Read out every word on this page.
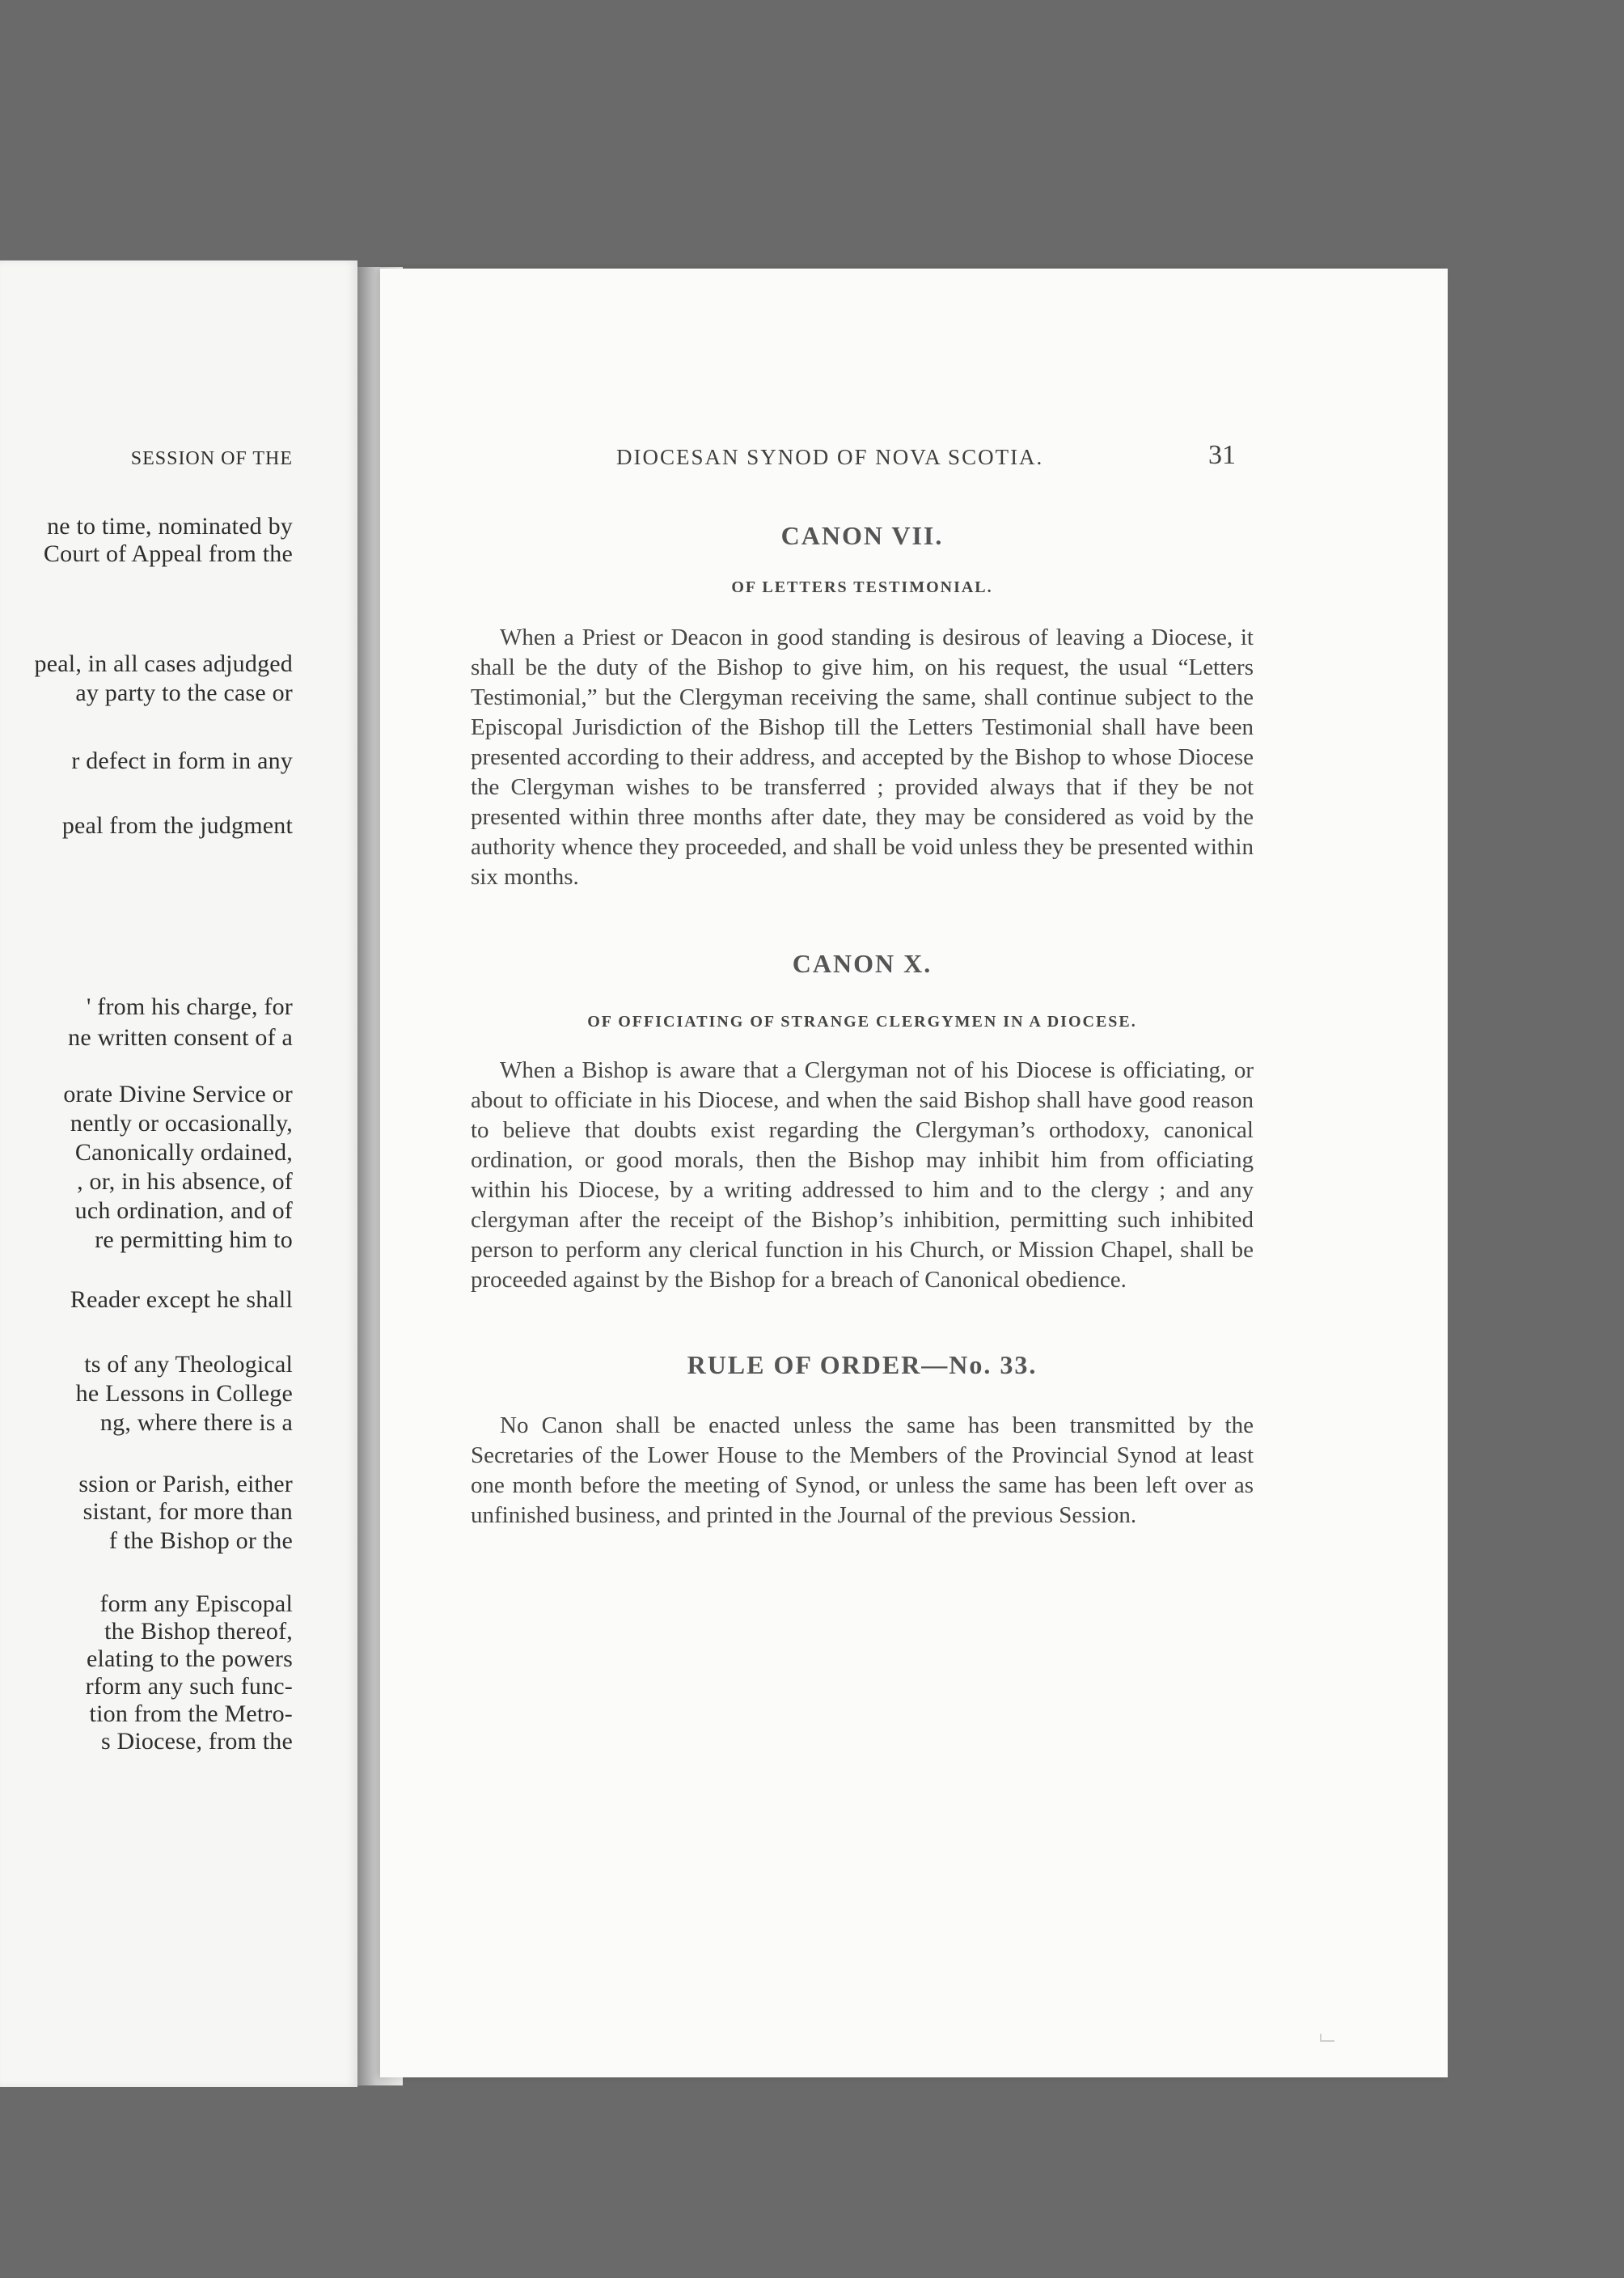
SESSION OF THE
ne to time, nominated by
Court of Appeal from the
peal, in all cases adjudged
ay party to the case or
r defect in form in any
peal from the judgment
' from his charge, for
ne written consent of a
orate Divine Service or
nently or occasionally,
Canonically ordained,
, or, in his absence, of
uch ordination, and of
re permitting him to
Reader except he shall
ts of any Theological
he Lessons in College
ng, where there is a
ssion or Parish, either
sistant, for more than
f the Bishop or the
form any Episcopal
the Bishop thereof,
elating to the powers
rform any such func-
tion from the Metro-
s Diocese, from the
DIOCESAN SYNOD OF NOVA SCOTIA.	31
CANON VII.
OF LETTERS TESTIMONIAL.

When a Priest or Deacon in good standing is desirous of leaving a Diocese, it shall be the duty of the Bishop to give him, on his request, the usual “Letters Testimonial,” but the Clergyman receiving the same, shall continue subject to the Episcopal Jurisdiction of the Bishop till the Letters Testimonial shall have been presented according to their address, and accepted by the Bishop to whose Diocese the Clergyman wishes to be transferred ; provided always that if they be not presented within three months after date, they may be considered as void by the authority whence they proceeded, and shall be void unless they be presented within six months.

CANON X.
OF OFFICIATING OF STRANGE CLERGYMEN IN A DIOCESE.

When a Bishop is aware that a Clergyman not of his Diocese is officiating, or about to officiate in his Diocese, and when the said Bishop shall have good reason to believe that doubts exist regarding the Clergyman’s orthodoxy, canonical ordination, or good morals, then the Bishop may inhibit him from officiating within his Diocese, by a writing addressed to him and to the clergy ; and any clergyman after the receipt of the Bishop’s inhibition, permitting such inhibited person to perform any clerical function in his Church, or Mission Chapel, shall be proceeded against by the Bishop for a breach of Canonical obedience.

RULE OF ORDER—No. 33.

No Canon shall be enacted unless the same has been transmitted by the Secretaries of the Lower House to the Members of the Provincial Synod at least one month before the meeting of Synod, or unless the same has been left over as unfinished business, and printed in the Journal of the previous Session.
